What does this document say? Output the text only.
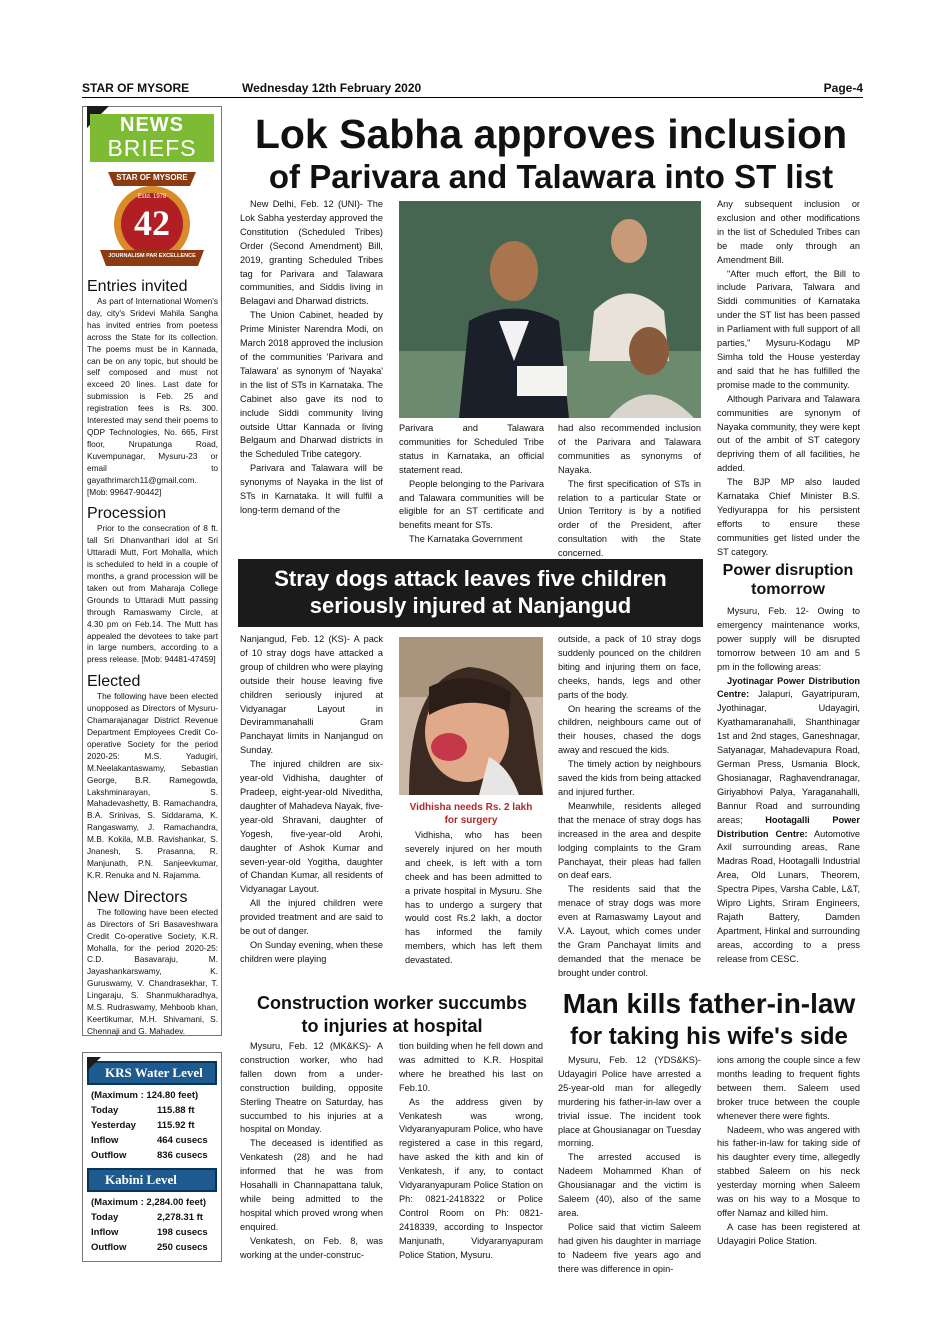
STAR OF MYSORE	Wednesday 12th February 2020	Page-4
NEWS
BRIEFS
STAR OF MYSORE
Estd. 1978
42
JOURNALISM PAR EXCELLENCE
Entries invited
As part of International Women's day, city's Sridevi Mahila Sangha has invited entries from poetess across the State for its collection. The poems must be in Kannada, can be on any topic, but should be self composed and must not exceed 20 lines. Last date for submission is Feb. 25 and registration fees is Rs. 300. Interested may send their poems to QDP Technologies, No. 665, First floor, Nrupatunga Road, Kuvempunagar, Mysuru-23 or email to gayathrimarch11@gmail.com. [Mob: 99647-90442]
Procession
Prior to the consecration of 8 ft. tall Sri Dhanvanthari idol at Sri Uttaradi Mutt, Fort Mohalla, which is scheduled to held in a couple of months, a grand procession will be taken out from Maharaja College Grounds to Uttaradi Mutt passing through Ramaswamy Circle, at 4.30 pm on Feb.14. The Mutt has appealed the devotees to take part in large numbers, according to a press release. [Mob: 94481-47459]
Elected
The following have been elected unopposed as Directors of Mysuru-Chamarajanagar District Revenue Department Employees Credit Co-operative Society for the period 2020-25: M.S. Yadugiri, M.Neelakantaswamy, Sebastian George, B.R. Ramegowda, Lakshminarayan, S. Mahadevashetty, B. Ramachandra, B.A. Srinivas, S. Siddarama, K. Rangaswamy, J. Ramachandra, M.B. Kokila, M.B. Ravishankar, S. Jnanesh, S. Prasanna, R. Manjunath, P.N. Sanjeevkumar, K.R. Renuka and N. Rajamma.
New Directors
The following have been elected as Directors of Sri Basaveshwara Credit Co-operative Society, K.R. Mohalla, for the period 2020-25: C.D. Basavaraju, M. Jayashankarswamy, K. Guruswamy, V. Chandrasekhar, T. Lingaraju, S. Shanmukharadhya, M.S. Rudraswamy, Mehboob khan, Keertikumar, M.H. Shivamani, S. Chennaji and G. Mahadev.
KRS Water Level
(Maximum : 124.80 feet)
Today	115.88 ft
Yesterday	115.92 ft
Inflow	464 cusecs
Outflow	836 cusecs
Kabini Level
(Maximum : 2,284.00 feet)
Today	2,278.31 ft
Inflow	198 cusecs
Outflow	250 cusecs
Lok Sabha approves inclusion
of Parivara and Talawara into ST list

New Delhi, Feb. 12 (UNI)- The Lok Sabha yesterday approved the Constitution (Scheduled Tribes) Order (Second Amendment) Bill, 2019, granting Scheduled Tribes tag for Parivara and Talawara communities, and Siddis living in Belagavi and Dharwad districts.

The Union Cabinet, headed by Prime Minister Narendra Modi, on March 2018 approved the inclusion of the communities 'Parivara and Talawara' as synonym of 'Nayaka' in the list of STs in Karnataka. The Cabinet also gave its nod to include Siddi community living outside Uttar Kannada or living Belgaum and Dharwad districts in the Scheduled Tribe category.

Parivara and Talawara will be synonyms of Nayaka in the list of STs in Karnataka. It will fulfil a long-term demand of the

Parivara and Talawara communities for Scheduled Tribe status in Karnataka, an official statement read.

People belonging to the Parivara and Talawara communities will be eligible for an ST certificate and benefits meant for STs.

The Karnataka Government

had also recommended inclusion of the Parivara and Talawara communities as synonyms of Nayaka.

The first specification of STs in relation to a particular State or Union Territory is by a notified order of the President, after consultation with the State concerned.

Any subsequent inclusion or exclusion and other modifications in the list of Scheduled Tribes can be made only through an Amendment Bill.

"After much effort, the Bill to include Parivara, Talwara and Siddi communities of Karnataka under the ST list has been passed in Parliament with full support of all parties," Mysuru-Kodagu MP Simha told the House yesterday and said that he has fulfilled the promise made to the community.

Although Parivara and Talawara communities are synonym of Nayaka community, they were kept out of the ambit of ST category depriving them of all facilities, he added.

The BJP MP also lauded Karnataka Chief Minister B.S. Yediyurappa for his persistent efforts to ensure these communities get listed under the ST category.

Stray dogs attack leaves five children
seriously injured at Nanjangud

Nanjangud, Feb. 12 (KS)- A pack of 10 stray dogs have attacked a group of children who were playing outside their house leaving five children seriously injured at Vidyanagar Layout in Devirammanahalli Gram Panchayat limits in Nanjangud on Sunday.

The injured children are six-year-old Vidhisha, daughter of Pradeep, eight-year-old Niveditha, daughter of Mahadeva Nayak, five-year-old Shravani, daughter of Yogesh, five-year-old Arohi, daughter of Ashok Kumar and seven-year-old Yogitha, daughter of Chandan Kumar, all residents of Vidyanagar Layout.

All the injured children were provided treatment and are said to be out of danger.

On Sunday evening, when these children were playing

Vidhisha needs Rs. 2 lakh
for surgery

Vidhisha, who has been severely injured on her mouth and cheek, is left with a torn cheek and has been admitted to a private hospital in Mysuru. She has to undergo a surgery that would cost Rs.2 lakh, a doctor has informed the family members, which has left them devastated.

outside, a pack of 10 stray dogs suddenly pounced on the children biting and injuring them on face, cheeks, hands, legs and other parts of the body.

On hearing the screams of the children, neighbours came out of their houses, chased the dogs away and rescued the kids.

The timely action by neighbours saved the kids from being attacked and injured further.

Meanwhile, residents alleged that the menace of stray dogs has increased in the area and despite lodging complaints to the Gram Panchayat, their pleas had fallen on deaf ears.

The residents said that the menace of stray dogs was more even at Ramaswamy Layout and V.A. Layout, which comes under the Gram Panchayat limits and demanded that the menace be brought under control.

Power disruption
tomorrow

Mysuru, Feb. 12- Owing to emergency maintenance works, power supply will be disrupted tomorrow between 10 am and 5 pm in the following areas:

Jyotinagar Power Distribution Centre: Jalapuri, Gayatripuram, Jyothinagar, Udayagiri, Kyathamaranahalli, Shanthinagar 1st and 2nd stages, Ganeshnagar, Satyanagar, Mahadevapura Road, German Press, Usmania Block, Ghosianagar, Raghavendranagar, Giriyabhovi Palya, Yaraganahalli, Bannur Road and surrounding areas; Hootagalli Power Distribution Centre: Automotive Axil surrounding areas, Rane Madras Road, Hootagalli Industrial Area, Old Lunars, Theorem, Spectra Pipes, Varsha Cable, L&T, Wipro Lights, Sriram Engineers, Rajath Battery, Damden Apartment, Hinkal and surrounding areas, according to a press release from CESC.

Construction worker succumbs
to injuries at hospital

Mysuru, Feb. 12 (MK&KS)- A construction worker, who had fallen down from a under-construction building, opposite Sterling Theatre on Saturday, has succumbed to his injuries at a hospital on Monday.

The deceased is identified as Venkatesh (28) and he had informed that he was from Hosahalli in Channapattana taluk, while being admitted to the hospital which proved wrong when enquired.

Venkatesh, on Feb. 8, was working at the under-construc-

tion building when he fell down and was admitted to K.R. Hospital where he breathed his last on Feb.10.

As the address given by Venkatesh was wrong, Vidyaranyapuram Police, who have registered a case in this regard, have asked the kith and kin of Venkatesh, if any, to contact Vidyaranyapuram Police Station on Ph: 0821-2418322 or Police Control Room on Ph: 0821-2418339, according to Inspector Manjunath, Vidyaranyapuram Police Station, Mysuru.

Man kills father-in-law
for taking his wife's side

Mysuru, Feb. 12 (YDS&KS)- Udayagiri Police have arrested a 25-year-old man for allegedly murdering his father-in-law over a trivial issue. The incident took place at Ghousianagar on Tuesday morning.

The arrested accused is Nadeem Mohammed Khan of Ghousianagar and the victim is Saleem (40), also of the same area.

Police said that victim Saleem had given his daughter in marriage to Nadeem five years ago and there was difference in opin-

ions among the couple since a few months leading to frequent fights between them. Saleem used broker truce between the couple whenever there were fights.

Nadeem, who was angered with his father-in-law for taking side of his daughter every time, allegedly stabbed Saleem on his neck yesterday morning when Saleem was on his way to a Mosque to offer Namaz and killed him.

A case has been registered at Udayagiri Police Station.
